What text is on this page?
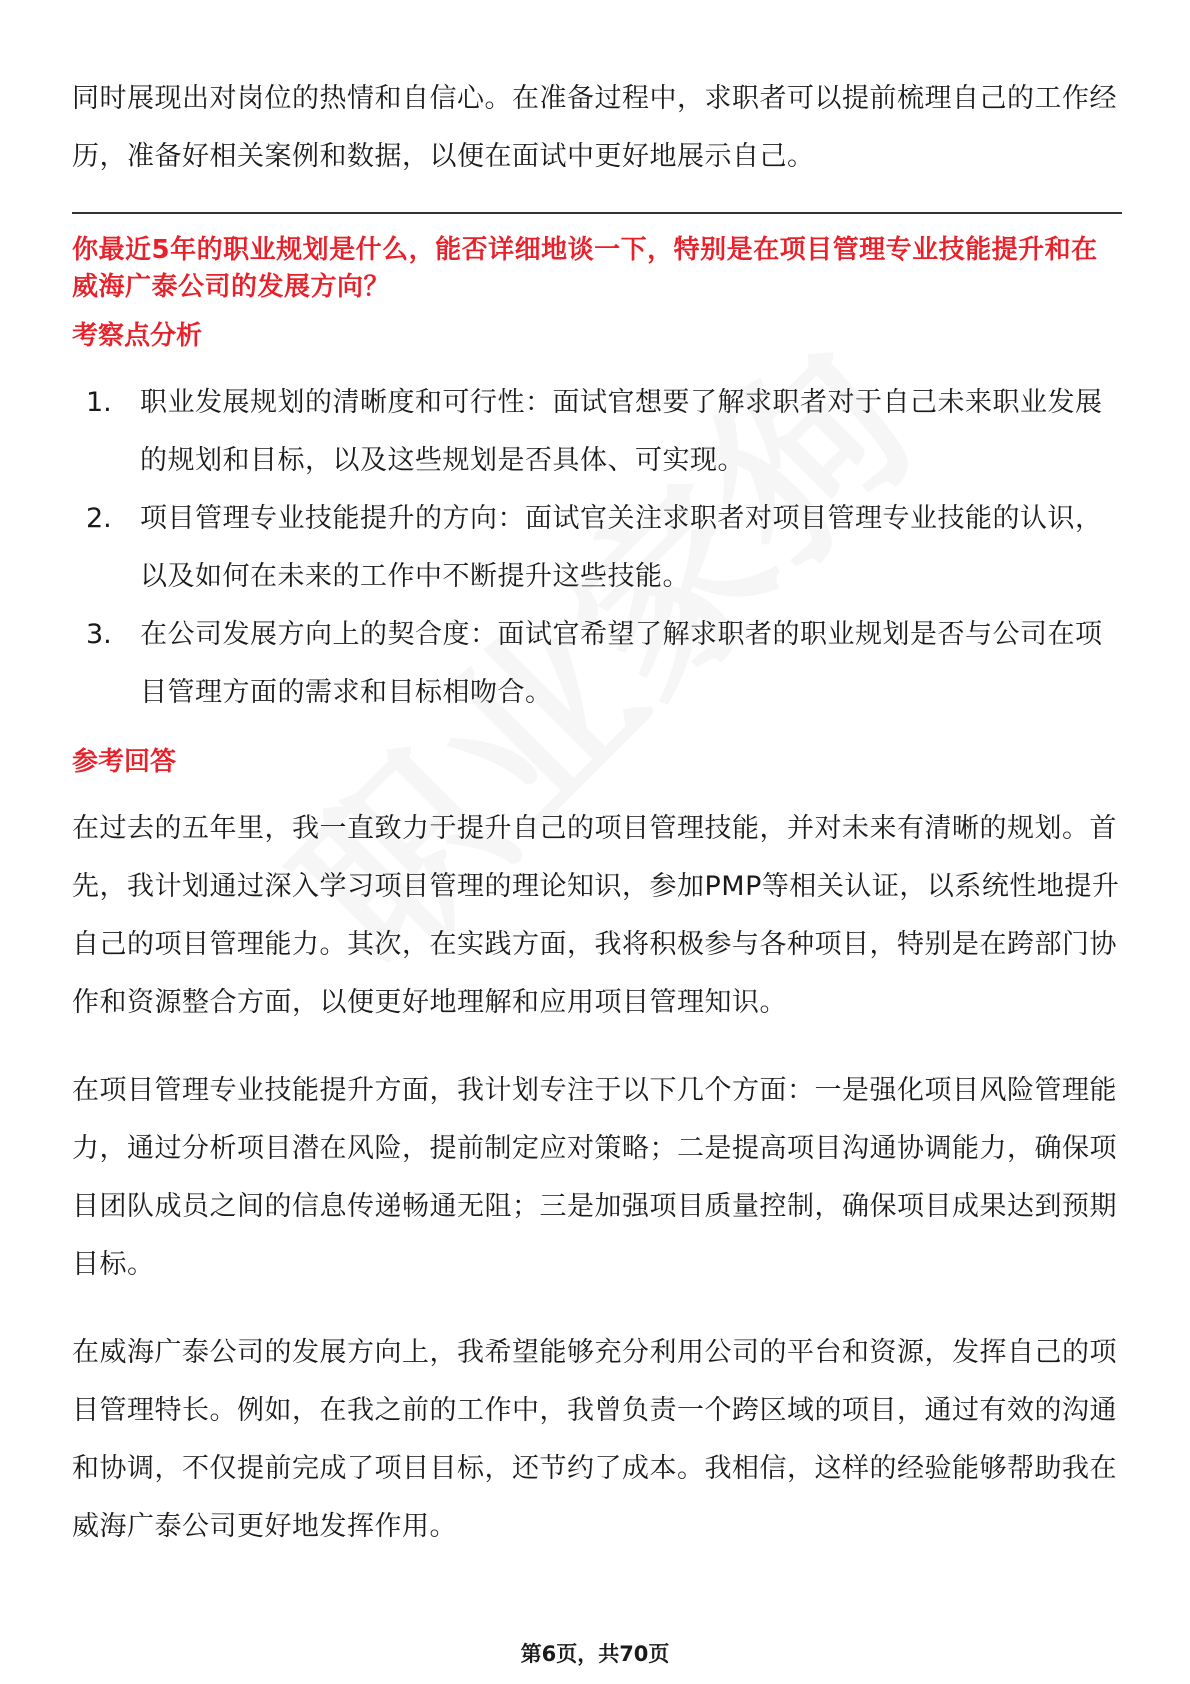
同时展现出对岗位的热情和自信心。在准备过程中，求职者可以提前梳理自己的工作经历，准备好相关案例和数据，以便在面试中更好地展示自己。

你最近5年的职业规划是什么，能否详细地谈一下，特别是在项目管理专业技能提升和在威海广泰公司的发展方向？
考察点分析
1. 职业发展规划的清晰度和可行性：面试官想要了解求职者对于自己未来职业发展的规划和目标，以及这些规划是否具体、可实现。

2. 项目管理专业技能提升的方向：面试官关注求职者对项目管理专业技能的认识，以及如何在未来的工作中不断提升这些技能。

3. 在公司发展方向上的契合度：面试官希望了解求职者的职业规划是否与公司在项目管理方面的需求和目标相吻合。

参考回答

在过去的五年里，我一直致力于提升自己的项目管理技能，并对未来有清晰的规划。首先，我计划通过深入学习项目管理的理论知识，参加PMP等相关认证，以系统性地提升自己的项目管理能力。其次，在实践方面，我将积极参与各种项目，特别是在跨部门协作和资源整合方面，以便更好地理解和应用项目管理知识。

在项目管理专业技能提升方面，我计划专注于以下几个方面：一是强化项目风险管理能力，通过分析项目潜在风险，提前制定应对策略；二是提高项目沟通协调能力，确保项目团队成员之间的信息传递畅通无阻；三是加强项目质量控制，确保项目成果达到预期目标。

在威海广泰公司的发展方向上，我希望能够充分利用公司的平台和资源，发挥自己的项目管理特长。例如，在我之前的工作中，我曾负责一个跨区域的项目，通过有效的沟通和协调，不仅提前完成了项目目标，还节约了成本。我相信，这样的经验能够帮助我在威海广泰公司更好地发挥作用。

第6页，共70页
